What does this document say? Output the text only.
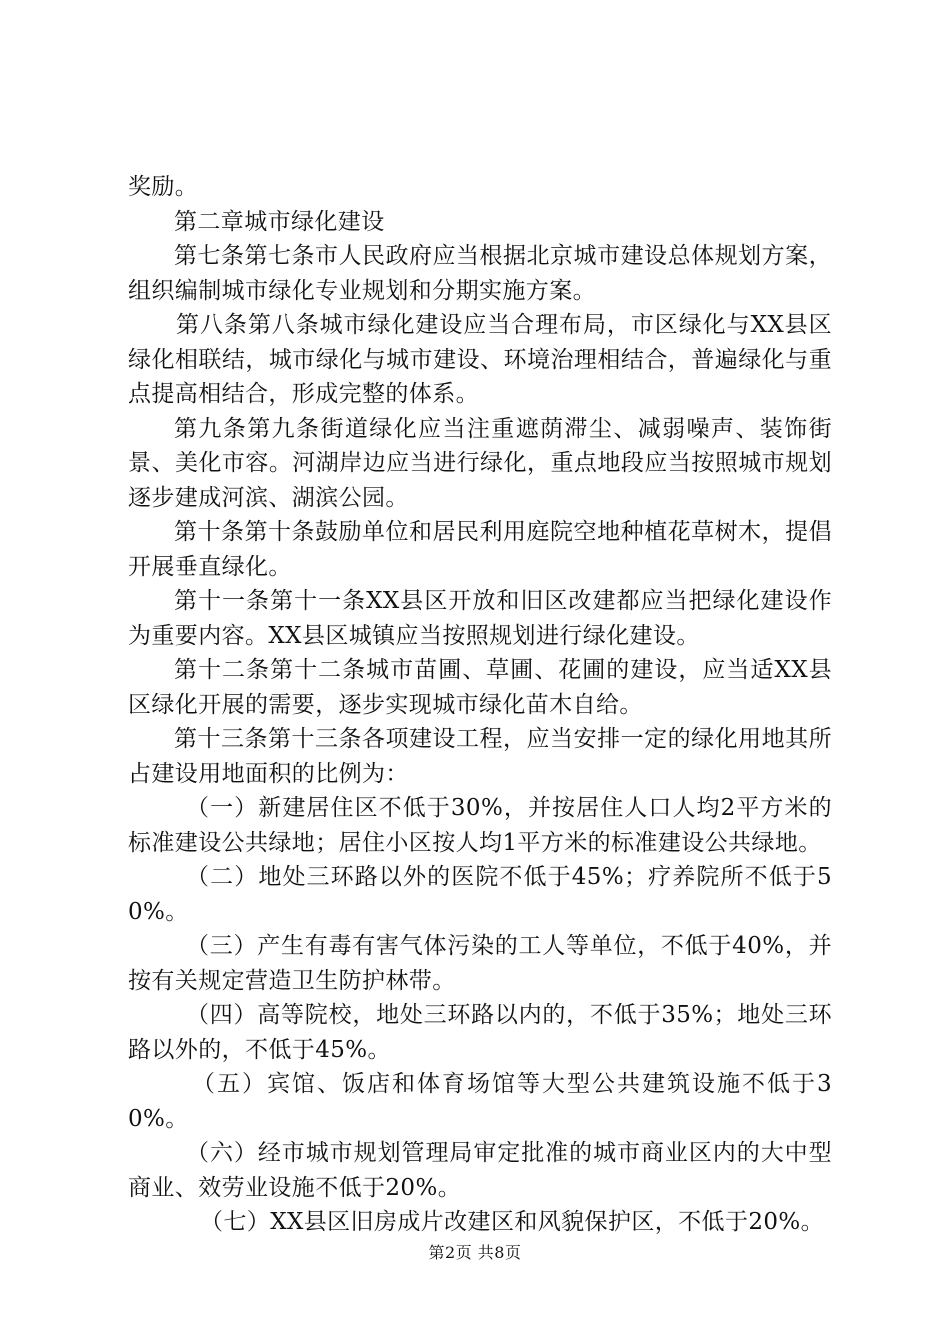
奖励。

第二章城市绿化建设

第七条第七条市人民政府应当根据北京城市建设总体规划方案，组织编制城市绿化专业规划和分期实施方案。

第八条第八条城市绿化建设应当合理布局，市区绿化与XX县区绿化相联结，城市绿化与城市建设、环境治理相结合，普遍绿化与重点提高相结合，形成完整的体系。

第九条第九条街道绿化应当注重遮荫滞尘、减弱噪声、装饰街景、美化市容。河湖岸边应当进行绿化，重点地段应当按照城市规划逐步建成河滨、湖滨公园。

第十条第十条鼓励单位和居民利用庭院空地种植花草树木，提倡开展垂直绿化。

第十一条第十一条XX县区开放和旧区改建都应当把绿化建设作为重要内容。XX县区城镇应当按照规划进行绿化建设。

第十二条第十二条城市苗圃、草圃、花圃的建设，应当适XX县区绿化开展的需要，逐步实现城市绿化苗木自给。

第十三条第十三条各项建设工程，应当安排一定的绿化用地其所占建设用地面积的比例为：

（一）新建居住区不低于30%，并按居住人口人均2平方米的标准建设公共绿地；居住小区按人均1平方米的标准建设公共绿地。

（二）地处三环路以外的医院不低于45%；疗养院所不低于50%。

（三）产生有毒有害气体污染的工人等单位，不低于40%，并按有关规定营造卫生防护林带。

（四）高等院校，地处三环路以内的，不低于35%；地处三环路以外的，不低于45%。

（五）宾馆、饭店和体育场馆等大型公共建筑设施不低于30%。

（六）经市城市规划管理局审定批准的城市商业区内的大中型商业、效劳业设施不低于20%。

（七）XX县区旧房成片改建区和风貌保护区，不低于20%。

第2页 共8页
